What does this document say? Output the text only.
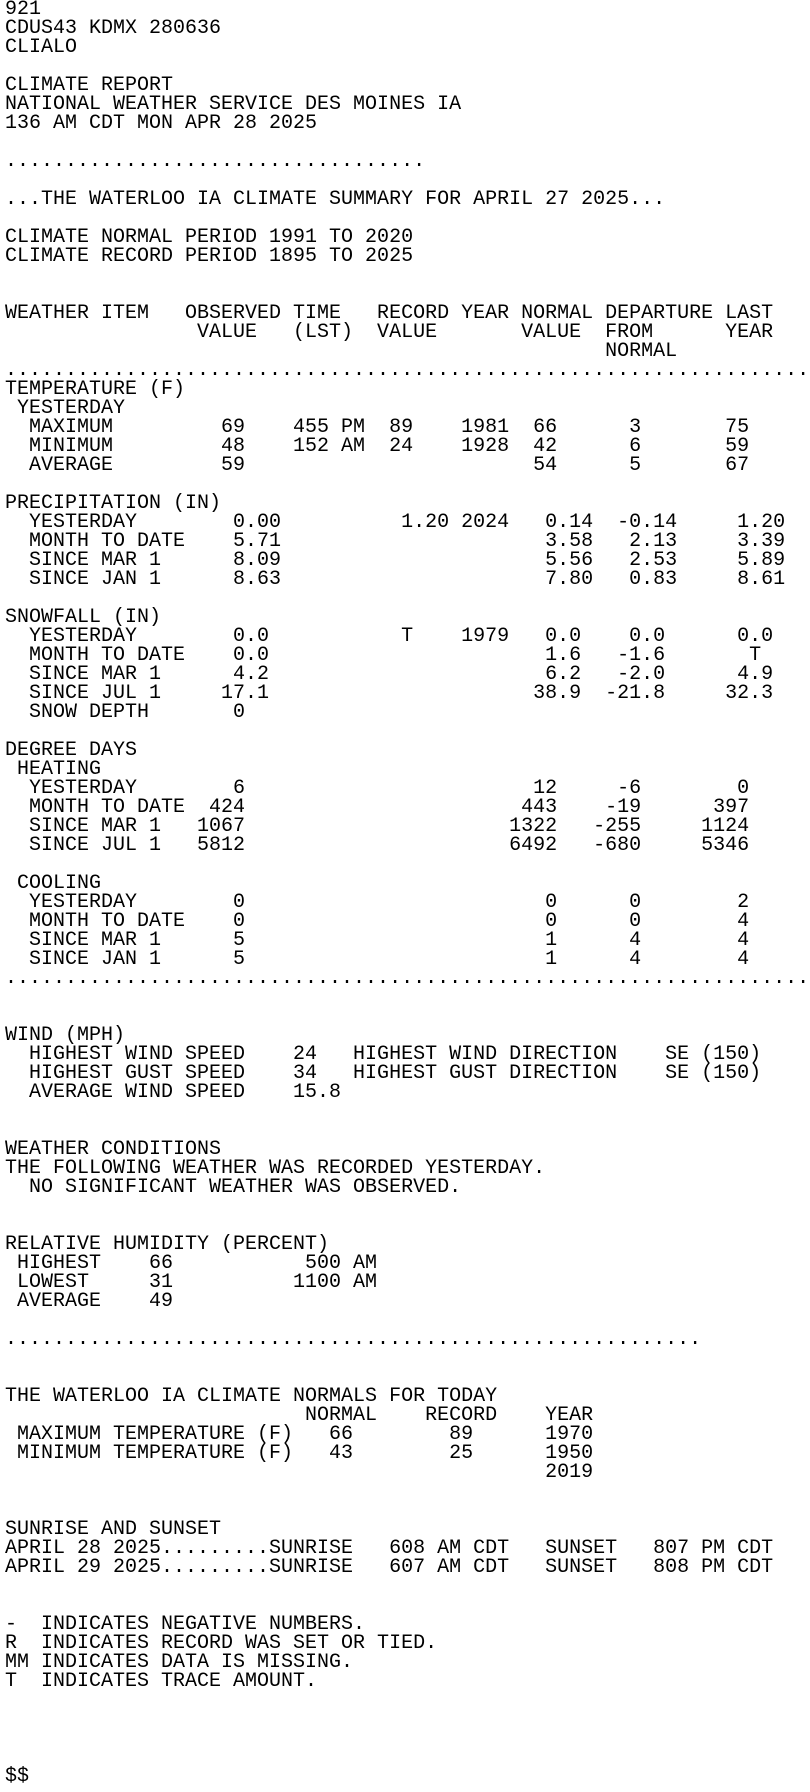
921
CDUS43 KDMX 280636
CLIALO
CLIMATE REPORT
NATIONAL WEATHER SERVICE DES MOINES IA
136 AM CDT MON APR 28 2025
...................................
...THE WATERLOO IA CLIMATE SUMMARY FOR APRIL 27 2025...
CLIMATE NORMAL PERIOD 1991 TO 2020
CLIMATE RECORD PERIOD 1895 TO 2025
WEATHER ITEM   OBSERVED TIME   RECORD YEAR NORMAL DEPARTURE LAST
VALUE   (LST)  VALUE       VALUE  FROM      YEAR
NORMAL
...................................................................
TEMPERATURE (F)
YESTERDAY
MAXIMUM         69    455 PM  89    1981  66      3       75
MINIMUM         48    152 AM  24    1928  42      6       59
AVERAGE         59                        54      5       67
PRECIPITATION (IN)
YESTERDAY        0.00          1.20 2024   0.14  -0.14     1.20
MONTH TO DATE    5.71                      3.58   2.13     3.39
SINCE MAR 1      8.09                      5.56   2.53     5.89
SINCE JAN 1      8.63                      7.80   0.83     8.61
SNOWFALL (IN)
YESTERDAY        0.0           T    1979   0.0    0.0      0.0
MONTH TO DATE    0.0                       1.6   -1.6       T
SINCE MAR 1      4.2                       6.2   -2.0      4.9
SINCE JUL 1     17.1                      38.9  -21.8     32.3
SNOW DEPTH       0
DEGREE DAYS
HEATING
YESTERDAY        6                        12     -6        0
MONTH TO DATE  424                       443    -19      397
SINCE MAR 1   1067                      1322   -255     1124
SINCE JUL 1   5812                      6492   -680     5346
COOLING
YESTERDAY        0                         0      0        2
MONTH TO DATE    0                         0      0        4
SINCE MAR 1      5                         1      4        4
SINCE JAN 1      5                         1      4        4
...................................................................
WIND (MPH)
HIGHEST WIND SPEED    24   HIGHEST WIND DIRECTION    SE (150)
HIGHEST GUST SPEED    34   HIGHEST GUST DIRECTION    SE (150)
AVERAGE WIND SPEED    15.8
WEATHER CONDITIONS
THE FOLLOWING WEATHER WAS RECORDED YESTERDAY.
NO SIGNIFICANT WEATHER WAS OBSERVED.
RELATIVE HUMIDITY (PERCENT)
HIGHEST    66           500 AM
LOWEST     31          1100 AM
AVERAGE    49
..........................................................
THE WATERLOO IA CLIMATE NORMALS FOR TODAY
NORMAL    RECORD    YEAR
MAXIMUM TEMPERATURE (F)   66        89      1970
MINIMUM TEMPERATURE (F)   43        25      1950
2019
SUNRISE AND SUNSET
APRIL 28 2025.........SUNRISE   608 AM CDT   SUNSET   807 PM CDT
APRIL 29 2025.........SUNRISE   607 AM CDT   SUNSET   808 PM CDT
-  INDICATES NEGATIVE NUMBERS.
R  INDICATES RECORD WAS SET OR TIED.
MM INDICATES DATA IS MISSING.
T  INDICATES TRACE AMOUNT.
$$
